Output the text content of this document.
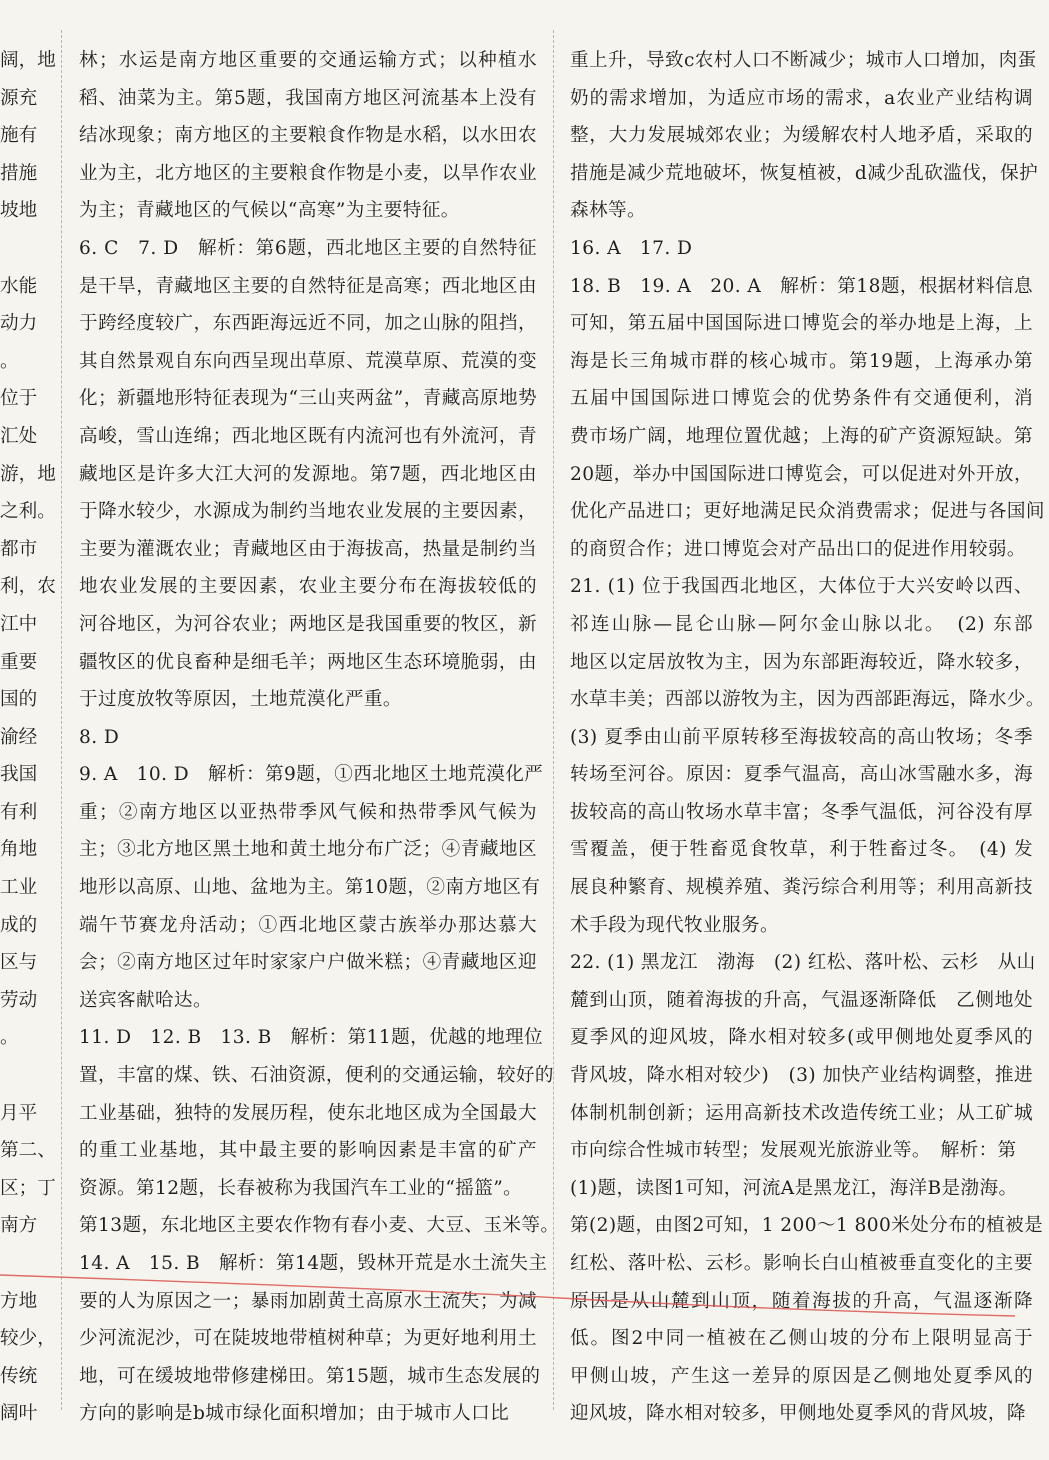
阔，地
源充
施有
措施
坡地
水能
动力
。
位于
汇处
游，地
之利。
都市
利，农
江中
重要
国的
渝经
我国
有利
角地
工业
成的
区与
劳动
。
月平
第二、
区；丁
南方
方地
较少，
传统
阔叶
林；水运是南方地区重要的交通运输方式；以种植水
稻、油菜为主。第5题，我国南方地区河流基本上没有
结冰现象；南方地区的主要粮食作物是水稻，以水田农
业为主，北方地区的主要粮食作物是小麦，以旱作农业
为主；青藏地区的气候以“高寒”为主要特征。
6. C　7. D　解析：第6题，西北地区主要的自然特征
是干旱，青藏地区主要的自然特征是高寒；西北地区由
于跨经度较广，东西距海远近不同，加之山脉的阻挡，
其自然景观自东向西呈现出草原、荒漠草原、荒漠的变
化；新疆地形特征表现为“三山夹两盆”，青藏高原地势
高峻，雪山连绵；西北地区既有内流河也有外流河，青
藏地区是许多大江大河的发源地。第7题，西北地区由
于降水较少，水源成为制约当地农业发展的主要因素，
主要为灌溉农业；青藏地区由于海拔高，热量是制约当
地农业发展的主要因素，农业主要分布在海拔较低的
河谷地区，为河谷农业；两地区是我国重要的牧区，新
疆牧区的优良畜种是细毛羊；两地区生态环境脆弱，由
于过度放牧等原因，土地荒漠化严重。
8. D
9. A　10. D　解析：第9题，①西北地区土地荒漠化严
重；②南方地区以亚热带季风气候和热带季风气候为
主；③北方地区黑土地和黄土地分布广泛；④青藏地区
地形以高原、山地、盆地为主。第10题，②南方地区有
端午节赛龙舟活动；①西北地区蒙古族举办那达慕大
会；②南方地区过年时家家户户做米糕；④青藏地区迎
送宾客献哈达。
11. D　12. B　13. B　解析：第11题，优越的地理位
置，丰富的煤、铁、石油资源，便利的交通运输，较好的
工业基础，独特的发展历程，使东北地区成为全国最大
的重工业基地，其中最主要的影响因素是丰富的矿产
资源。第12题，长春被称为我国汽车工业的“摇篮”。
第13题，东北地区主要农作物有春小麦、大豆、玉米等。
14. A　15. B　解析：第14题，毁林开荒是水土流失主
要的人为原因之一；暴雨加剧黄土高原水土流失；为减
少河流泥沙，可在陡坡地带植树种草；为更好地利用土
地，可在缓坡地带修建梯田。第15题，城市生态发展的
方向的影响是b城市绿化面积增加；由于城市人口比
重上升，导致c农村人口不断减少；城市人口增加，肉蛋
奶的需求增加，为适应市场的需求，a农业产业结构调
整，大力发展城郊农业；为缓解农村人地矛盾，采取的
措施是减少荒地破坏，恢复植被，d减少乱砍滥伐，保护
森林等。
16. A　17. D
18. B　19. A　20. A　解析：第18题，根据材料信息
可知，第五届中国国际进口博览会的举办地是上海，上
海是长三角城市群的核心城市。第19题，上海承办第
五届中国国际进口博览会的优势条件有交通便利，消
费市场广阔，地理位置优越；上海的矿产资源短缺。第
20题，举办中国国际进口博览会，可以促进对外开放，
优化产品进口；更好地满足民众消费需求；促进与各国间
的商贸合作；进口博览会对产品出口的促进作用较弱。
21. (1) 位于我国西北地区，大体位于大兴安岭以西、
祁连山脉—昆仑山脉—阿尔金山脉以北。　(2) 东部
地区以定居放牧为主，因为东部距海较近，降水较多，
水草丰美；西部以游牧为主，因为西部距海远，降水少。
(3) 夏季由山前平原转移至海拔较高的高山牧场；冬季
转场至河谷。原因：夏季气温高，高山冰雪融水多，海
拔较高的高山牧场水草丰富；冬季气温低，河谷没有厚
雪覆盖，便于牲畜觅食牧草，利于牲畜过冬。　(4) 发
展良种繁育、规模养殖、粪污综合利用等；利用高新技
术手段为现代牧业服务。
22. (1) 黑龙江　渤海　(2) 红松、落叶松、云杉　从山
麓到山顶，随着海拔的升高，气温逐渐降低　乙侧地处
夏季风的迎风坡，降水相对较多(或甲侧地处夏季风的
背风坡，降水相对较少)　(3) 加快产业结构调整，推进
体制机制创新；运用高新技术改造传统工业；从工矿城
市向综合性城市转型；发展观光旅游业等。　解析：第
(1)题，读图1可知，河流A是黑龙江，海洋B是渤海。
第(2)题，由图2可知，1 200～1 800米处分布的植被是
红松、落叶松、云杉。影响长白山植被垂直变化的主要
原因是从山麓到山顶，随着海拔的升高，气温逐渐降
低。图2中同一植被在乙侧山坡的分布上限明显高于
甲侧山坡，产生这一差异的原因是乙侧地处夏季风的
迎风坡，降水相对较多，甲侧地处夏季风的背风坡，降
